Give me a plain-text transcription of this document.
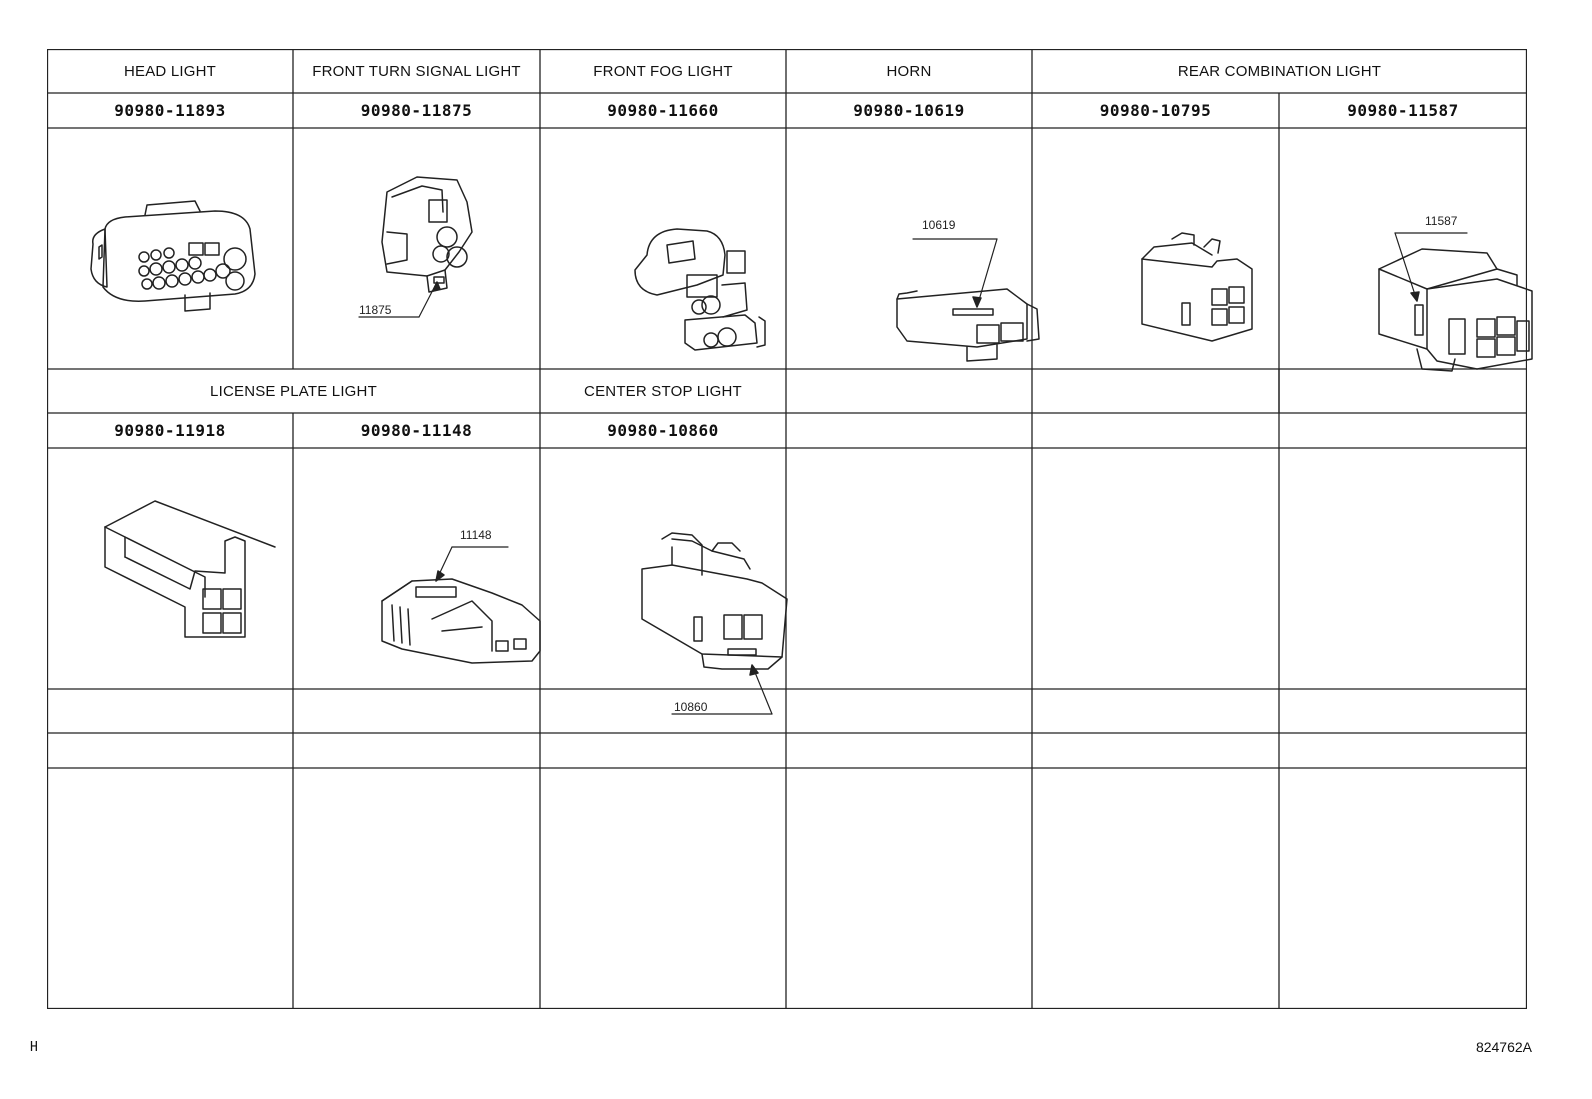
HEAD LIGHT	FRONT TURN SIGNAL LIGHT	FRONT FOG LIGHT	HORN	REAR COMBINATION LIGHT
90980-11893	90980-11875	90980-11660	90980-10619	90980-10795	90980-11587
LICENSE PLATE LIGHT	CENTER STOP LIGHT
90980-11918	90980-11148	90980-10860
11875
10619	11587
11148
10860
H	824762A
